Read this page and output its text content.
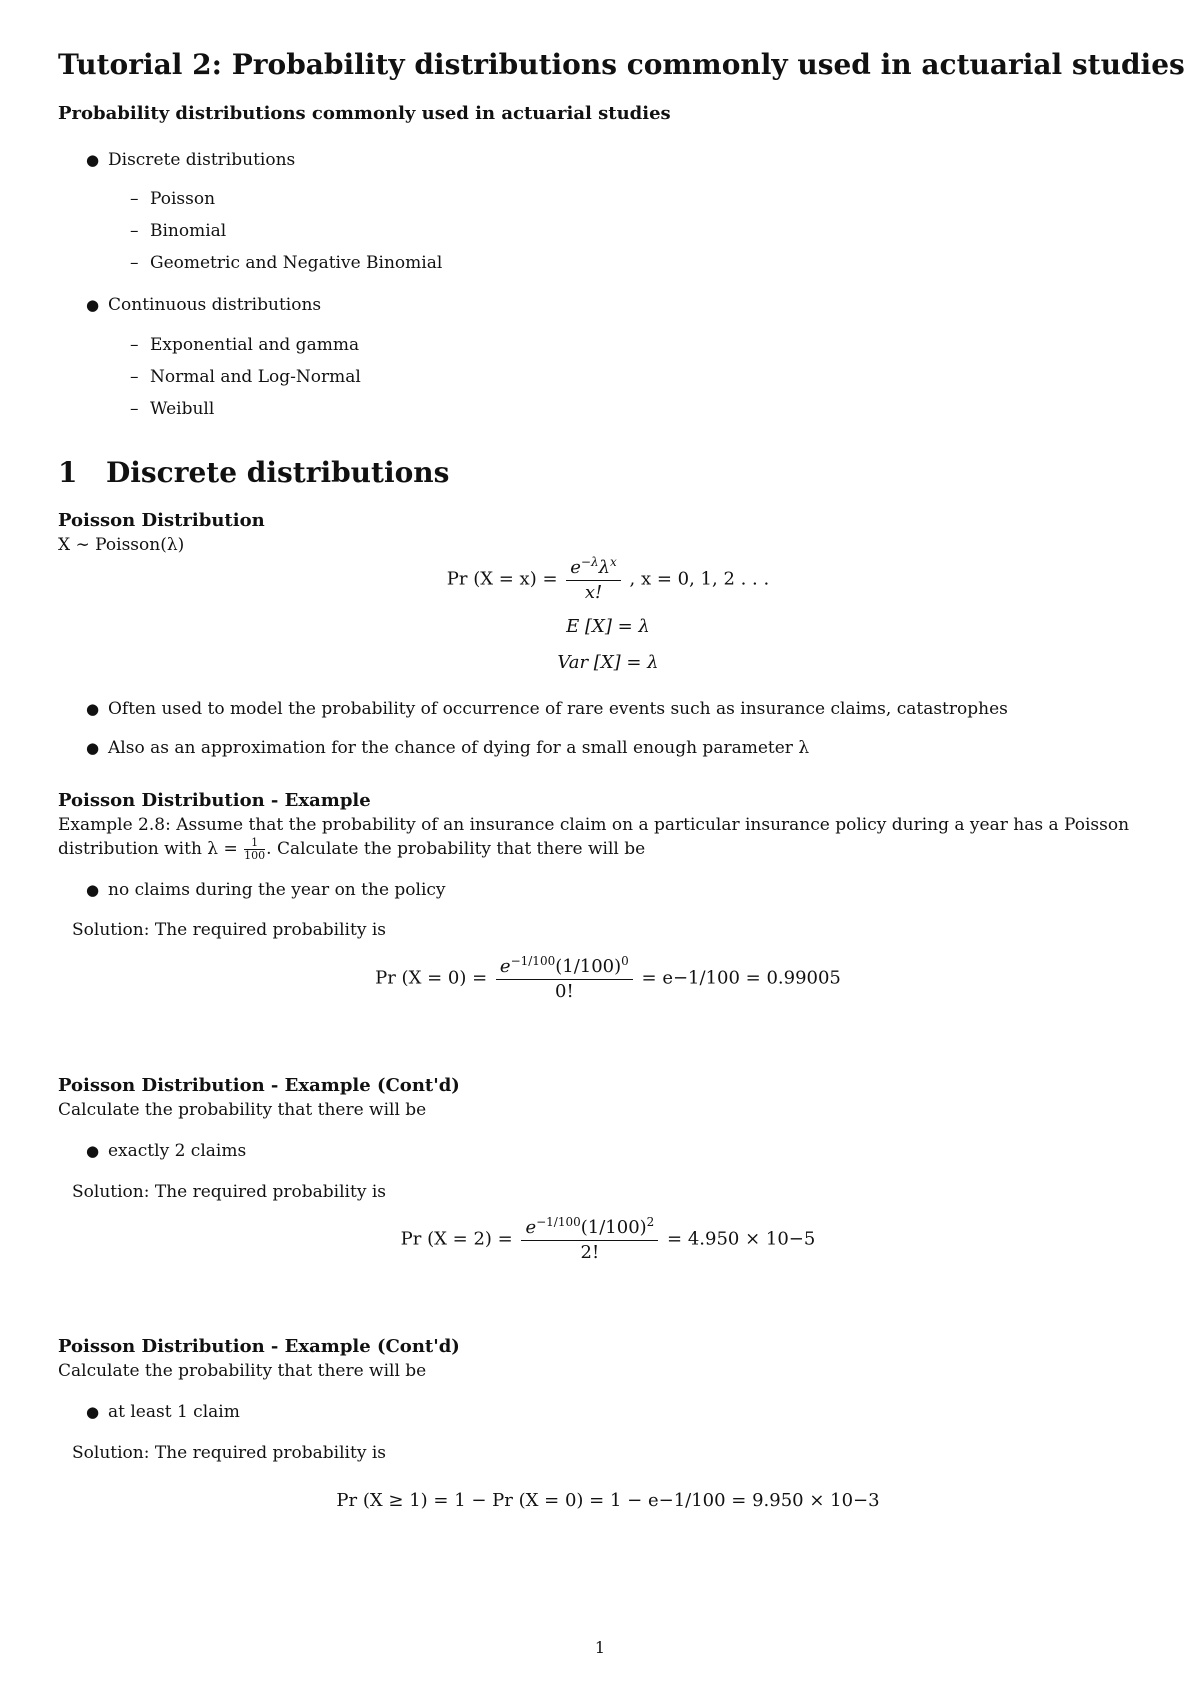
Tutorial 2: Probability distributions commonly used in actuarial studies
Probability distributions commonly used in actuarial studies
● Discrete distributions
– Poisson
– Binomial
– Geometric and Negative Binomial
● Continuous distributions
– Exponential and gamma
– Normal and Log-Normal
– Weibull
1 Discrete distributions
Poisson Distribution
X ∼ Poisson(λ)
Pr $(X = x) = \frac{e^{-\lambda}\lambda^x}{x!}$ , x = 0, 1, 2 . . .
E [X] = λ
Var [X] = λ
● Often used to model the probability of occurrence of rare events such as insurance claims, catastrophes
● Also as an approximation for the chance of dying for a small enough parameter λ
Poisson Distribution - Example
Example 2.8: Assume that the probability of an insurance claim on a particular insurance policy during a year has a Poisson distribution with $\lambda = \frac{1}{100}$ . Calculate the probability that there will be
● no claims during the year on the policy
Solution: The required probability is
Pr $(X = 0) = \frac{e^{-1/100}(1/100)^0}{0!} = e-1/100 = 0.99005$
Poisson Distribution - Example (Cont'd)
Calculate the probability that there will be
● exactly 2 claims
Solution: The required probability is
Pr $(X = 2) = \frac{e^{-1/100}(1/100)^2}{2!} = 4.950 \times 10-5$
Poisson Distribution - Example (Cont'd)
Calculate the probability that there will be
● at least 1 claim
Solution: The required probability is
Pr (X ≥ 1) = 1 − Pr (X = 0) = 1 − e−1/100 = 9.950 × 10−3
1
